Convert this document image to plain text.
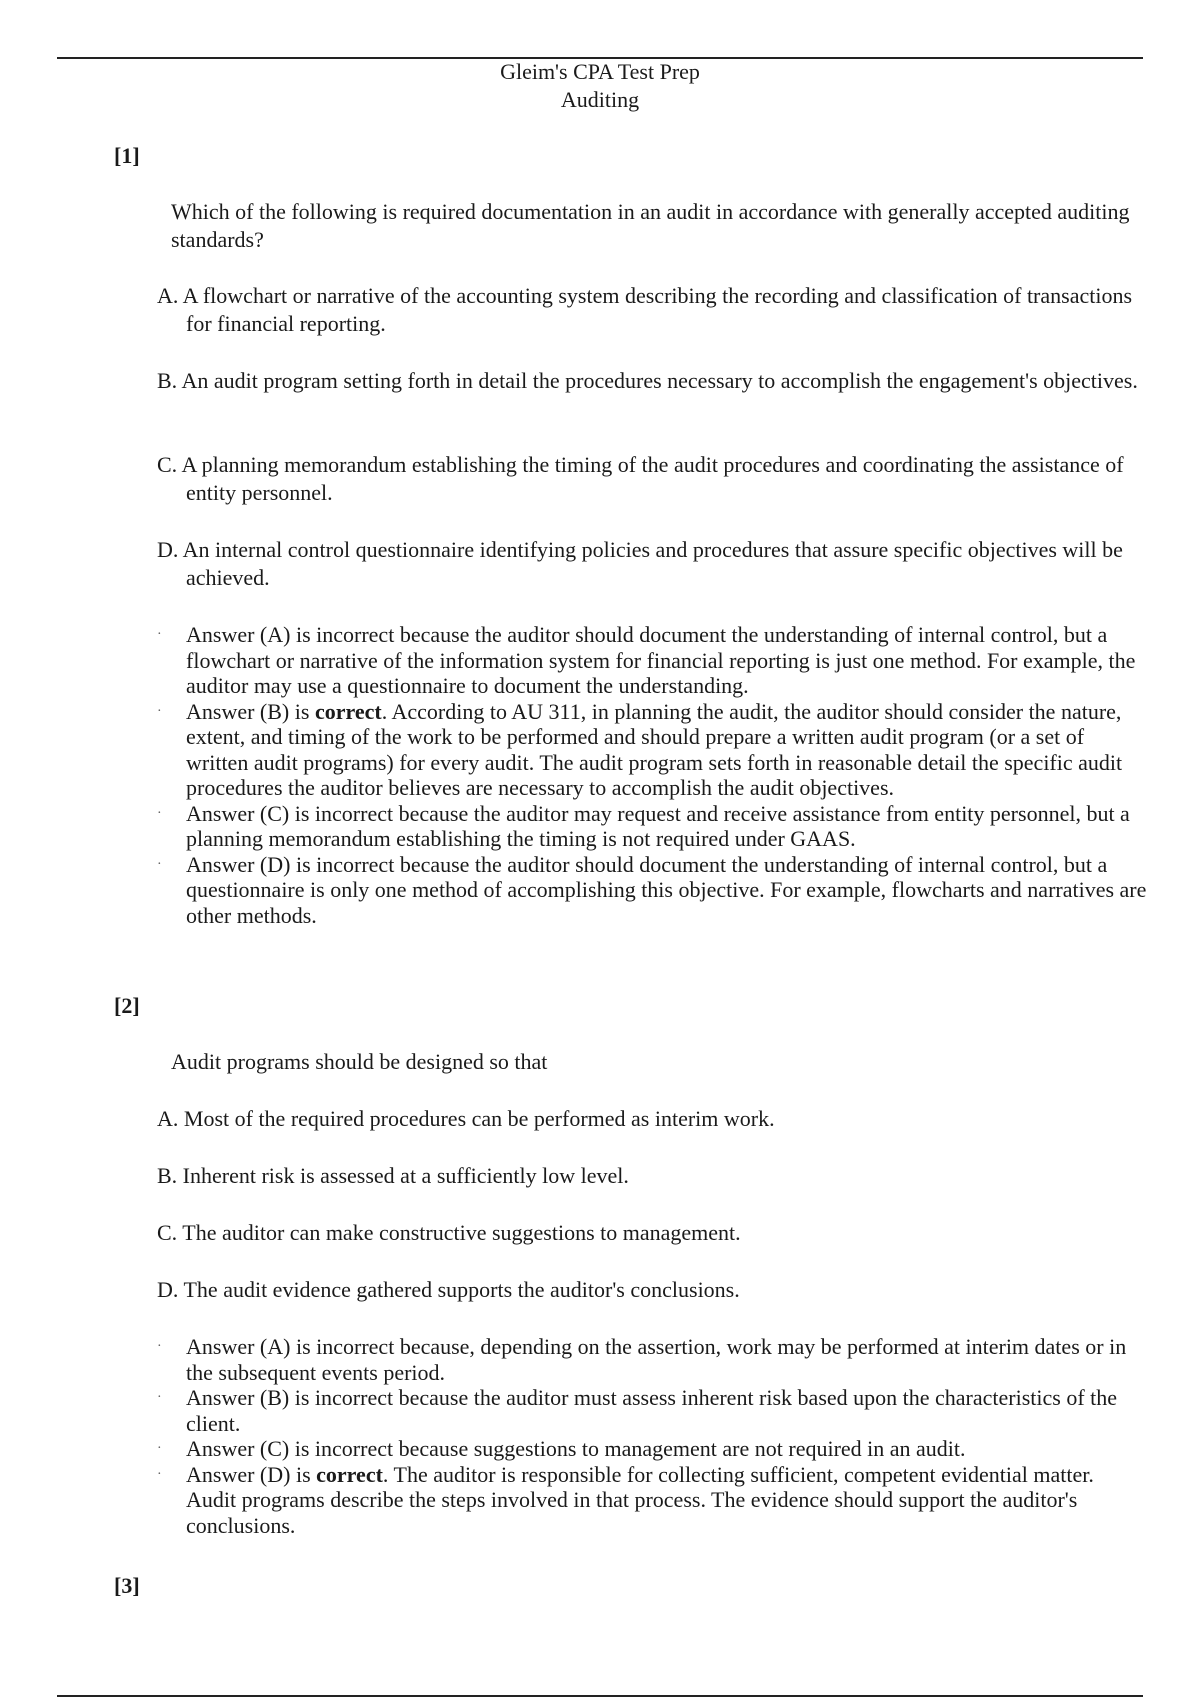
Gleim's CPA Test Prep
Auditing
[1]
Which of the following is required documentation in an audit in accordance with generally accepted auditing standards?
A. A flowchart or narrative of the accounting system describing the recording and classification of transactions for financial reporting.
B. An audit program setting forth in detail the procedures necessary to accomplish the engagement's objectives.
C. A planning memorandum establishing the timing of the audit procedures and coordinating the assistance of entity personnel.
D. An internal control questionnaire identifying policies and procedures that assure specific objectives will be achieved.
· Answer (A) is incorrect because the auditor should document the understanding of internal control, but a flowchart or narrative of the information system for financial reporting is just one method. For example, the auditor may use a questionnaire to document the understanding.
· Answer (B) is correct. According to AU 311, in planning the audit, the auditor should consider the nature, extent, and timing of the work to be performed and should prepare a written audit program (or a set of written audit programs) for every audit. The audit program sets forth in reasonable detail the specific audit procedures the auditor believes are necessary to accomplish the audit objectives.
· Answer (C) is incorrect because the auditor may request and receive assistance from entity personnel, but a planning memorandum establishing the timing is not required under GAAS.
· Answer (D) is incorrect because the auditor should document the understanding of internal control, but a questionnaire is only one method of accomplishing this objective. For example, flowcharts and narratives are other methods.
[2]
Audit programs should be designed so that
A. Most of the required procedures can be performed as interim work.
B. Inherent risk is assessed at a sufficiently low level.
C. The auditor can make constructive suggestions to management.
D. The audit evidence gathered supports the auditor's conclusions.
· Answer (A) is incorrect because, depending on the assertion, work may be performed at interim dates or in the subsequent events period.
· Answer (B) is incorrect because the auditor must assess inherent risk based upon the characteristics of the client.
· Answer (C) is incorrect because suggestions to management are not required in an audit.
· Answer (D) is correct. The auditor is responsible for collecting sufficient, competent evidential matter. Audit programs describe the steps involved in that process. The evidence should support the auditor's conclusions.
[3]
